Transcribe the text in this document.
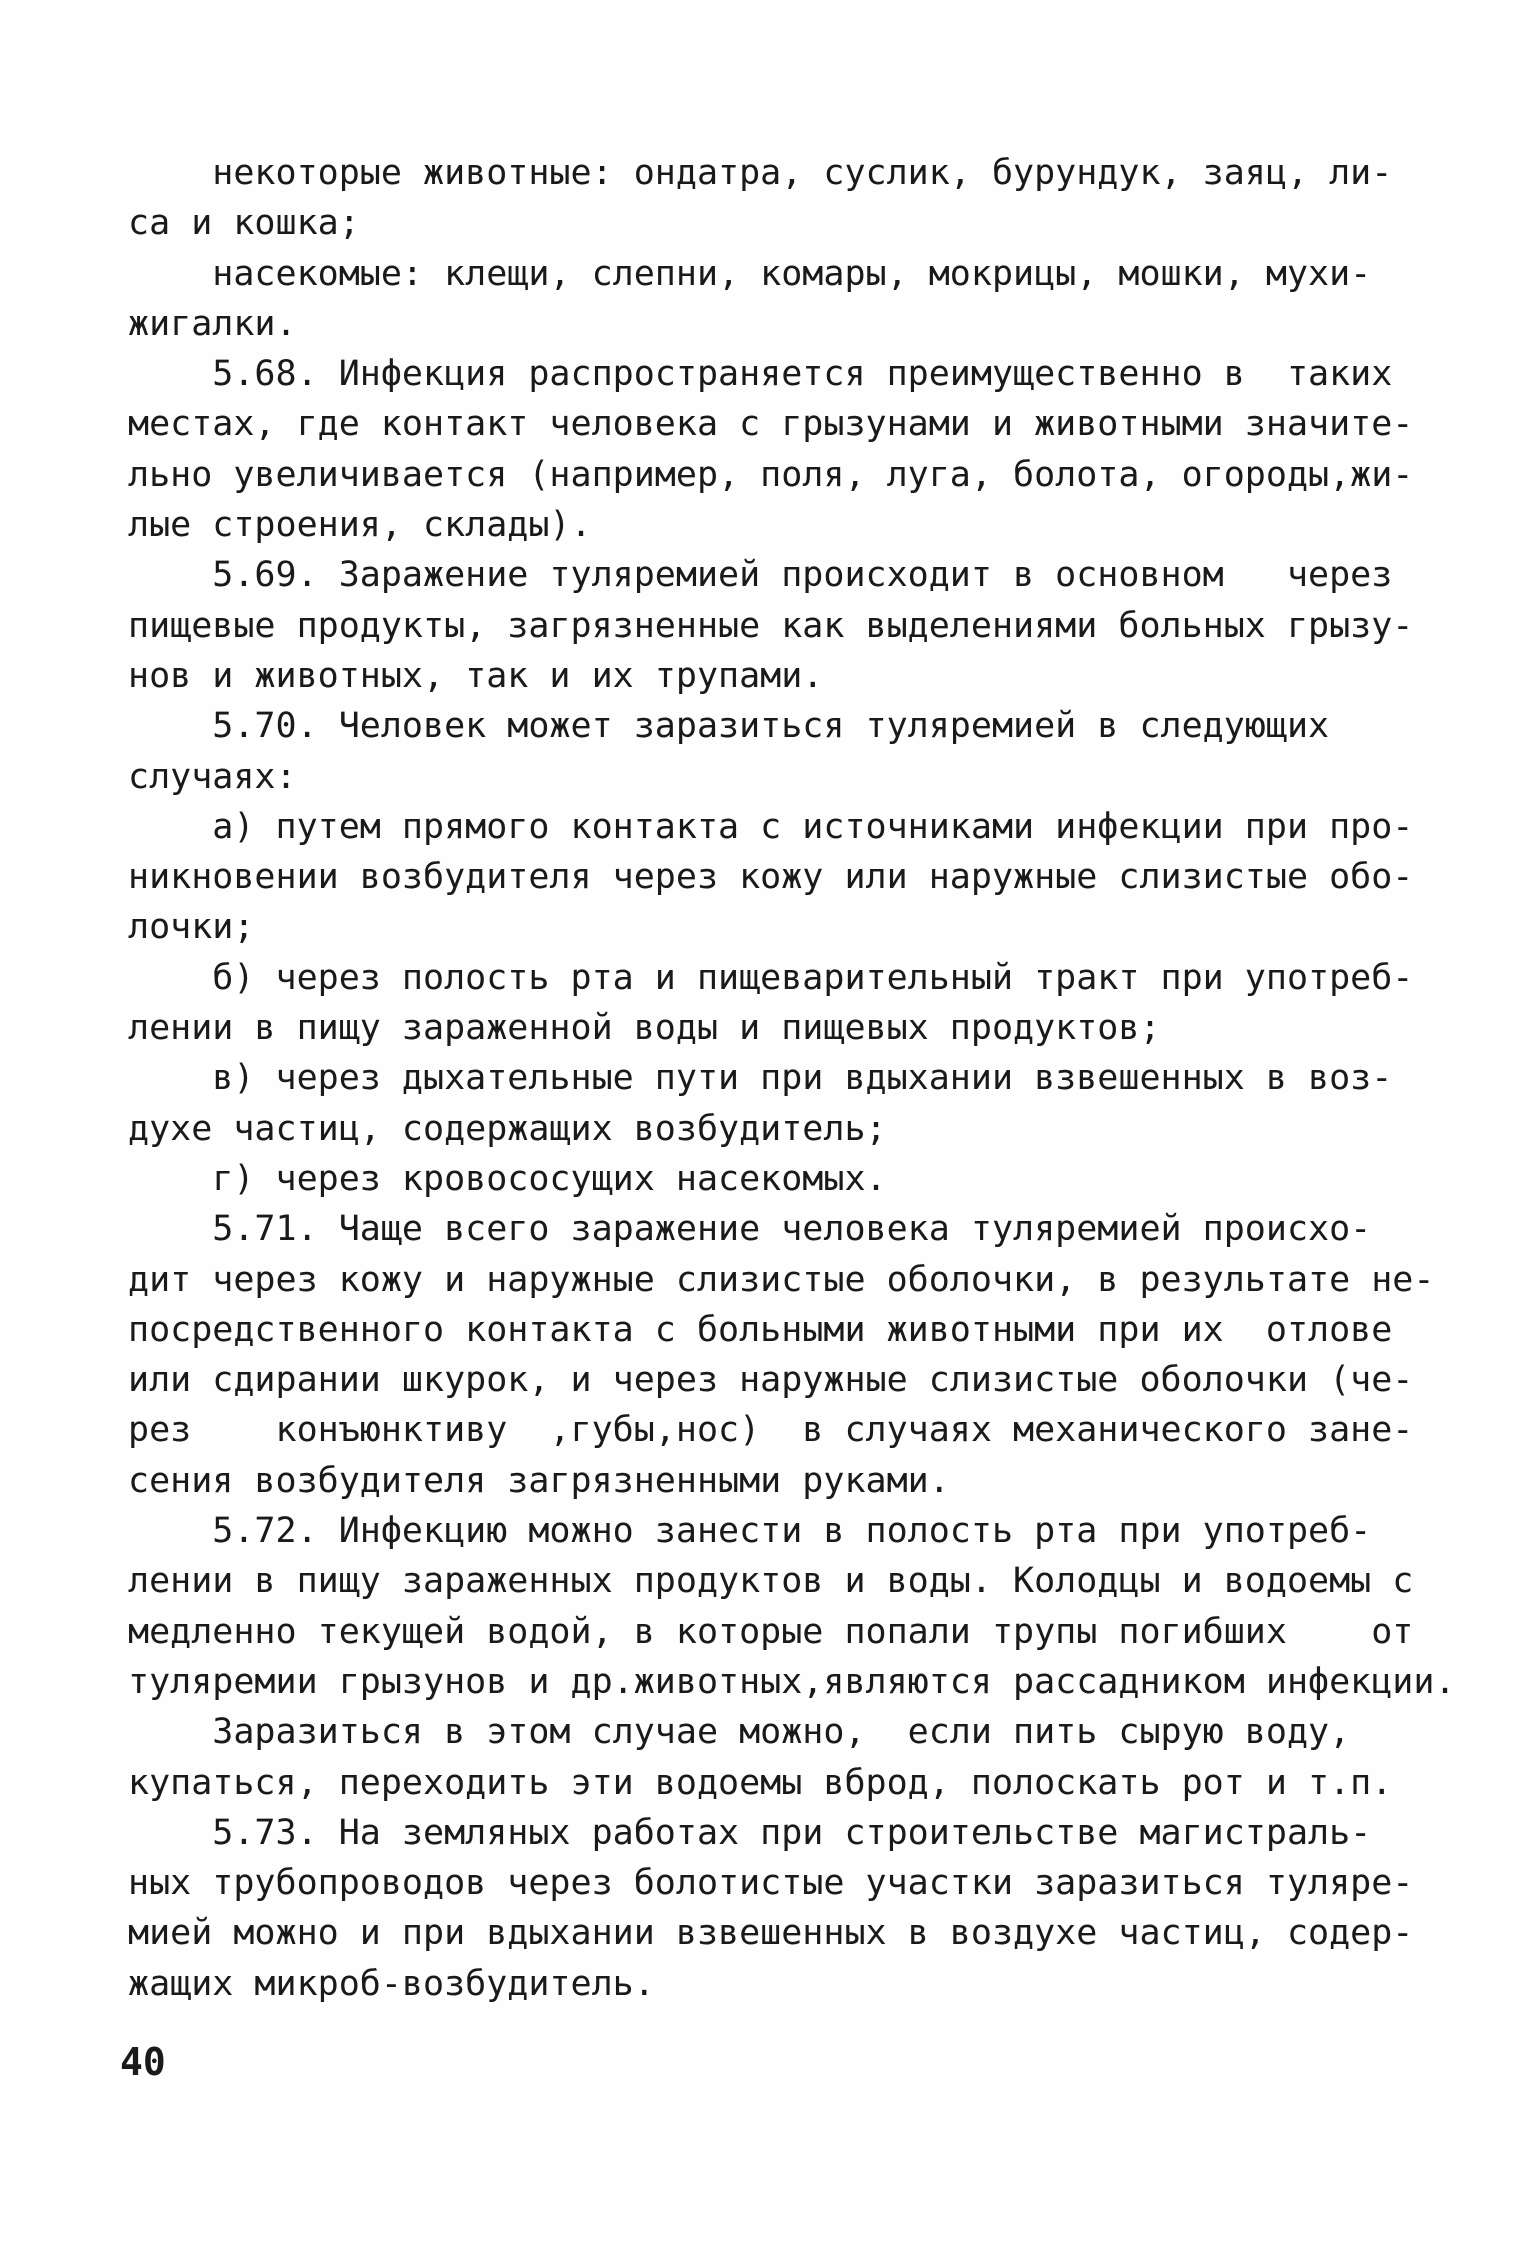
некоторые животные: ондатра, суслик, бурундук, заяц, ли-
са и кошка;
насекомые: клещи, слепни, комары, мокрицы, мошки, мухи-
жигалки.
5.68. Инфекция распространяется преимущественно в  таких
местах, где контакт человека с грызунами и животными значите-
льно увеличивается (например, поля, луга, болота, огороды,жи-
лые строения, склады).
5.69. Заражение туляремией происходит в основном   через
пищевые продукты, загрязненные как выделениями больных грызу-
нов и животных, так и их трупами.
5.70. Человек может заразиться туляремией в следующих
случаях:
а) путем прямого контакта с источниками инфекции при про-
никновении возбудителя через кожу или наружные слизистые обо-
лочки;
б) через полость рта и пищеварительный тракт при употреб-
лении в пищу зараженной воды и пищевых продуктов;
в) через дыхательные пути при вдыхании взвешенных в воз-
духе частиц, содержащих возбудитель;
г) через кровососущих насекомых.
5.71. Чаще всего заражение человека туляремией происхо-
дит через кожу и наружные слизистые оболочки, в результате не-
посредственного контакта с больными животными при их  отлове
или сдирании шкурок, и через наружные слизистые оболочки (че-
рез    конъюнктиву  ,губы,нос)  в случаях механического зане-
сения возбудителя загрязненными руками.
5.72. Инфекцию можно занести в полость рта при употреб-
лении в пищу зараженных продуктов и воды. Колодцы и водоемы с
медленно текущей водой, в которые попали трупы погибших    от
туляремии грызунов и др.животных,являются рассадником инфекции.
Заразиться в этом случае можно,  если пить сырую воду,
купаться, переходить эти водоемы вброд, полоскать рот и т.п.
5.73. На земляных работах при строительстве магистраль-
ных трубопроводов через болотистые участки заразиться туляре-
мией можно и при вдыхании взвешенных в воздухе частиц, содер-
жащих микроб-возбудитель.
40
